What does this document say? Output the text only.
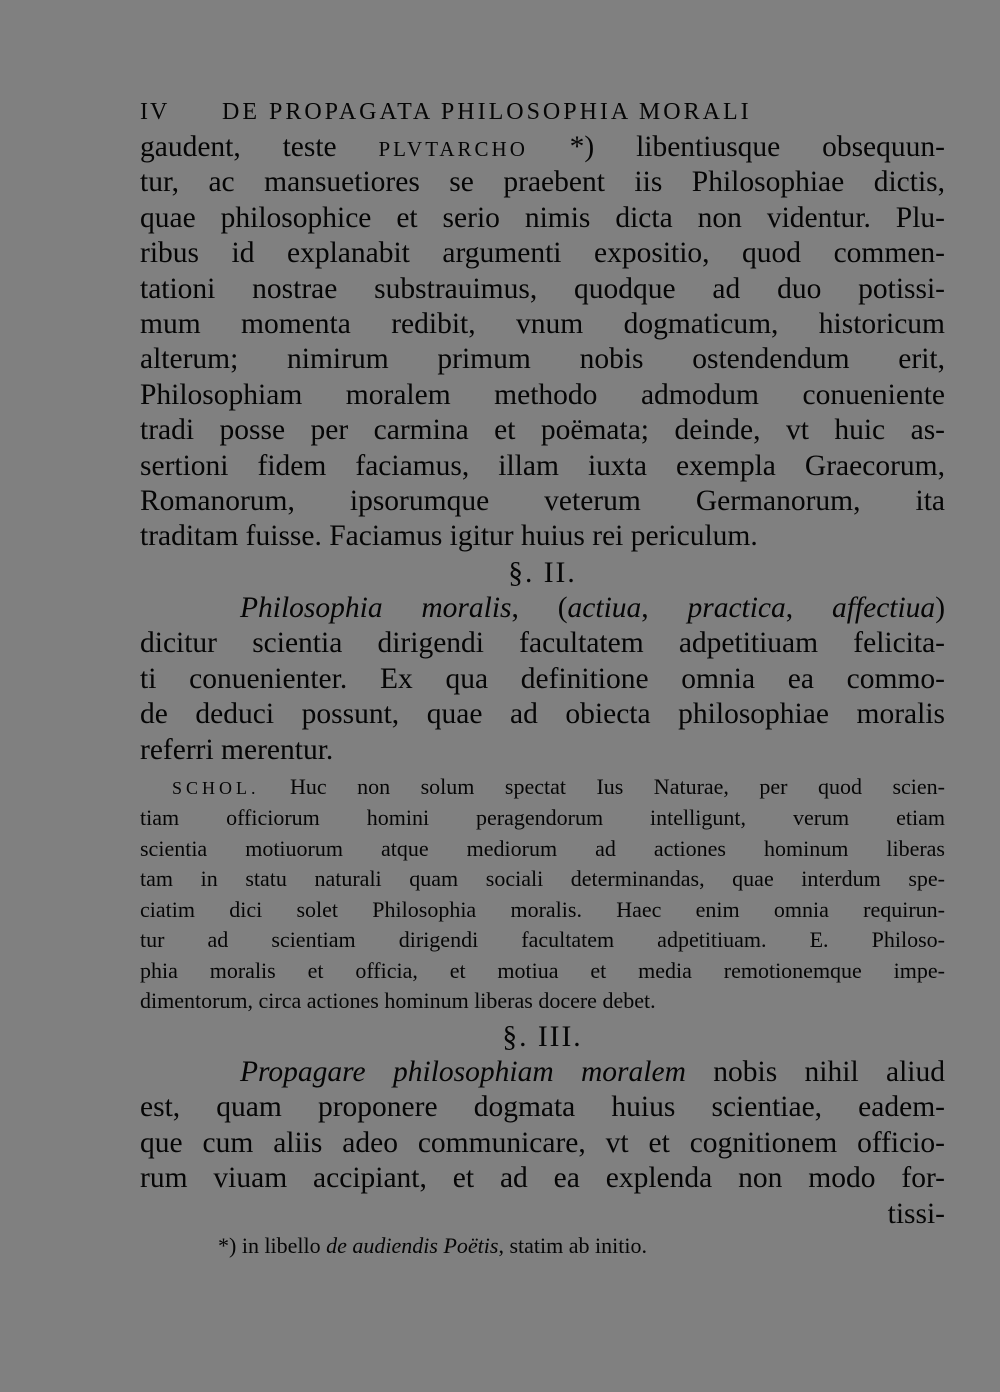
IV	DE PROPAGATA PHILOSOPHIA MORALI
gaudent, teste plvtarcho *) libentiusque obsequun-
tur, ac mansuetiores se praebent iis Philosophiae dictis,
quae philosophice et serio nimis dicta non videntur. Plu-
ribus id explanabit argumenti expositio, quod commen-
tationi nostrae substrauimus, quodque ad duo potissi-
mum momenta redibit, vnum dogmaticum, historicum
alterum; nimirum primum nobis ostendendum erit,
Philosophiam moralem methodo admodum conueniente
tradi posse per carmina et poëmata; deinde, vt huic as-
sertioni fidem faciamus, illam iuxta exempla Graecorum,
Romanorum, ipsorumque veterum Germanorum, ita
traditam fuisse. Faciamus igitur huius rei periculum.
§. II.
Philosophia moralis, (actiua, practica, affectiua)
dicitur scientia dirigendi facultatem adpetitiuam felicita-
ti conuenienter. Ex qua definitione omnia ea commo-
de deduci possunt, quae ad obiecta philosophiae moralis
referri merentur.
SCHOL. Huc non solum spectat Ius Naturae, per quod scien-
tiam officiorum homini peragendorum intelligunt, verum etiam
scientia motiuorum atque mediorum ad actiones hominum liberas
tam in statu naturali quam sociali determinandas, quae interdum spe-
ciatim dici solet Philosophia moralis. Haec enim omnia requirun-
tur ad scientiam dirigendi facultatem adpetitiuam. E. Philoso-
phia moralis et officia, et motiua et media remotionemque impe-
dimentorum, circa actiones hominum liberas docere debet.
§. III.
Propagare philosophiam moralem nobis nihil aliud
est, quam proponere dogmata huius scientiae, eadem-
que cum aliis adeo communicare, vt et cognitionem officio-
rum viuam accipiant, et ad ea explenda non modo for-
tissi-
*) in libello de audiendis Poëtis, statim ab initio.
